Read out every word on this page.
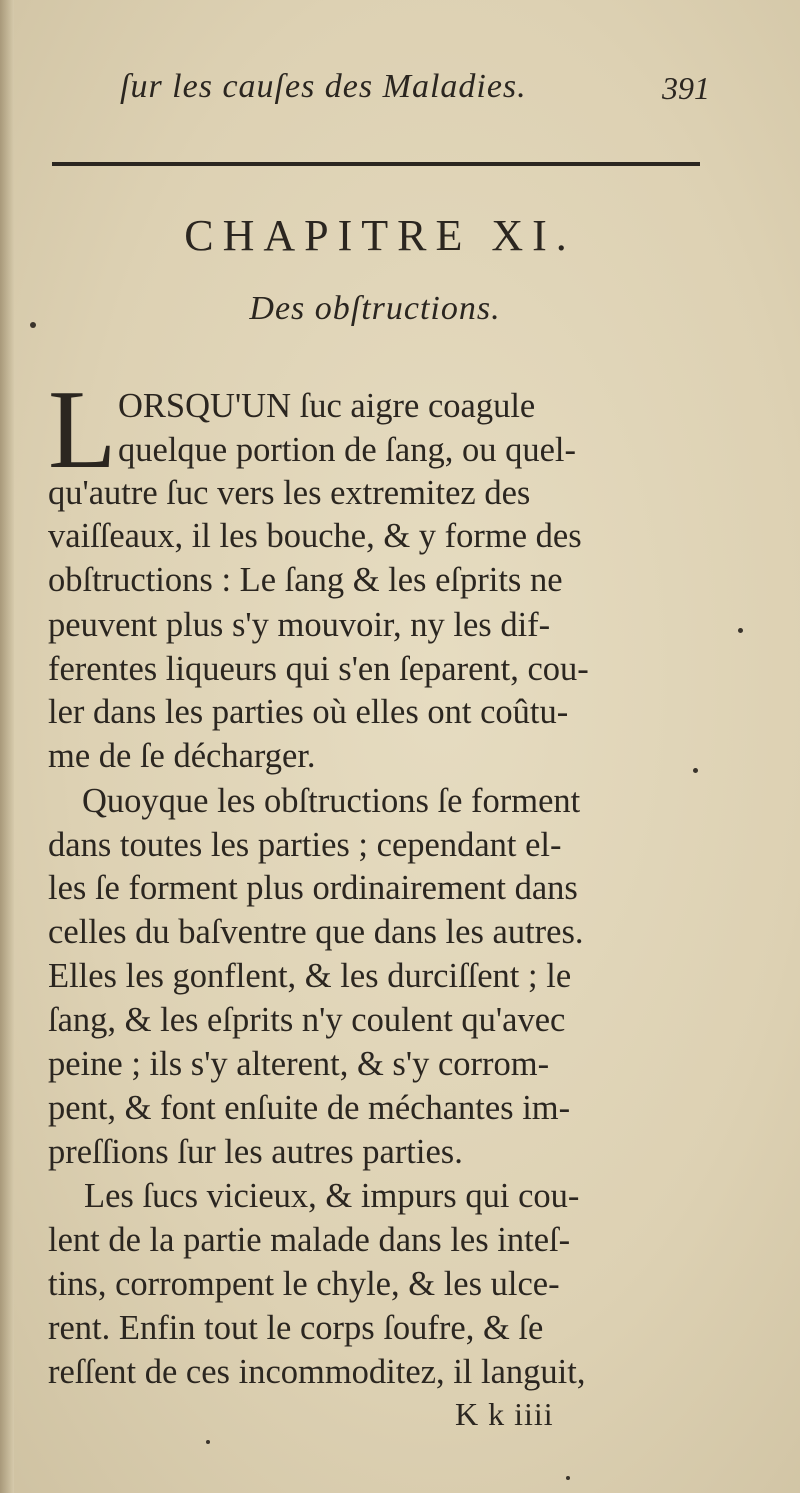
ſur les cauſes des Maladies.	391
CHAPITRE XI.
Des obſtructions.
L ORSQU'UN ſuc aigre coagule
quelque portion de ſang, ou quel-
qu'autre ſuc vers les extremitez des
vaiſſeaux, il les bouche, & y forme des
obſtructions : Le ſang & les eſprits ne
peuvent plus s'y mouvoir, ny les dif-
ferentes liqueurs qui s'en ſeparent, cou-
ler dans les parties où elles ont coûtu-
me de ſe décharger.
Quoyque les obſtructions ſe forment
dans toutes les parties ; cependant el-
les ſe forment plus ordinairement dans
celles du baſventre que dans les autres.
Elles les gonflent, & les durciſſent ; le
ſang, & les eſprits n'y coulent qu'avec
peine ; ils s'y alterent, & s'y corrom-
pent, & font enſuite de méchantes im-
preſſions ſur les autres parties.
Les ſucs vicieux, & impurs qui cou-
lent de la partie malade dans les inteſ-
tins, corrompent le chyle, & les ulce-
rent. Enfin tout le corps ſoufre, & ſe
reſſent de ces incommoditez, il languit,
K k iiii
